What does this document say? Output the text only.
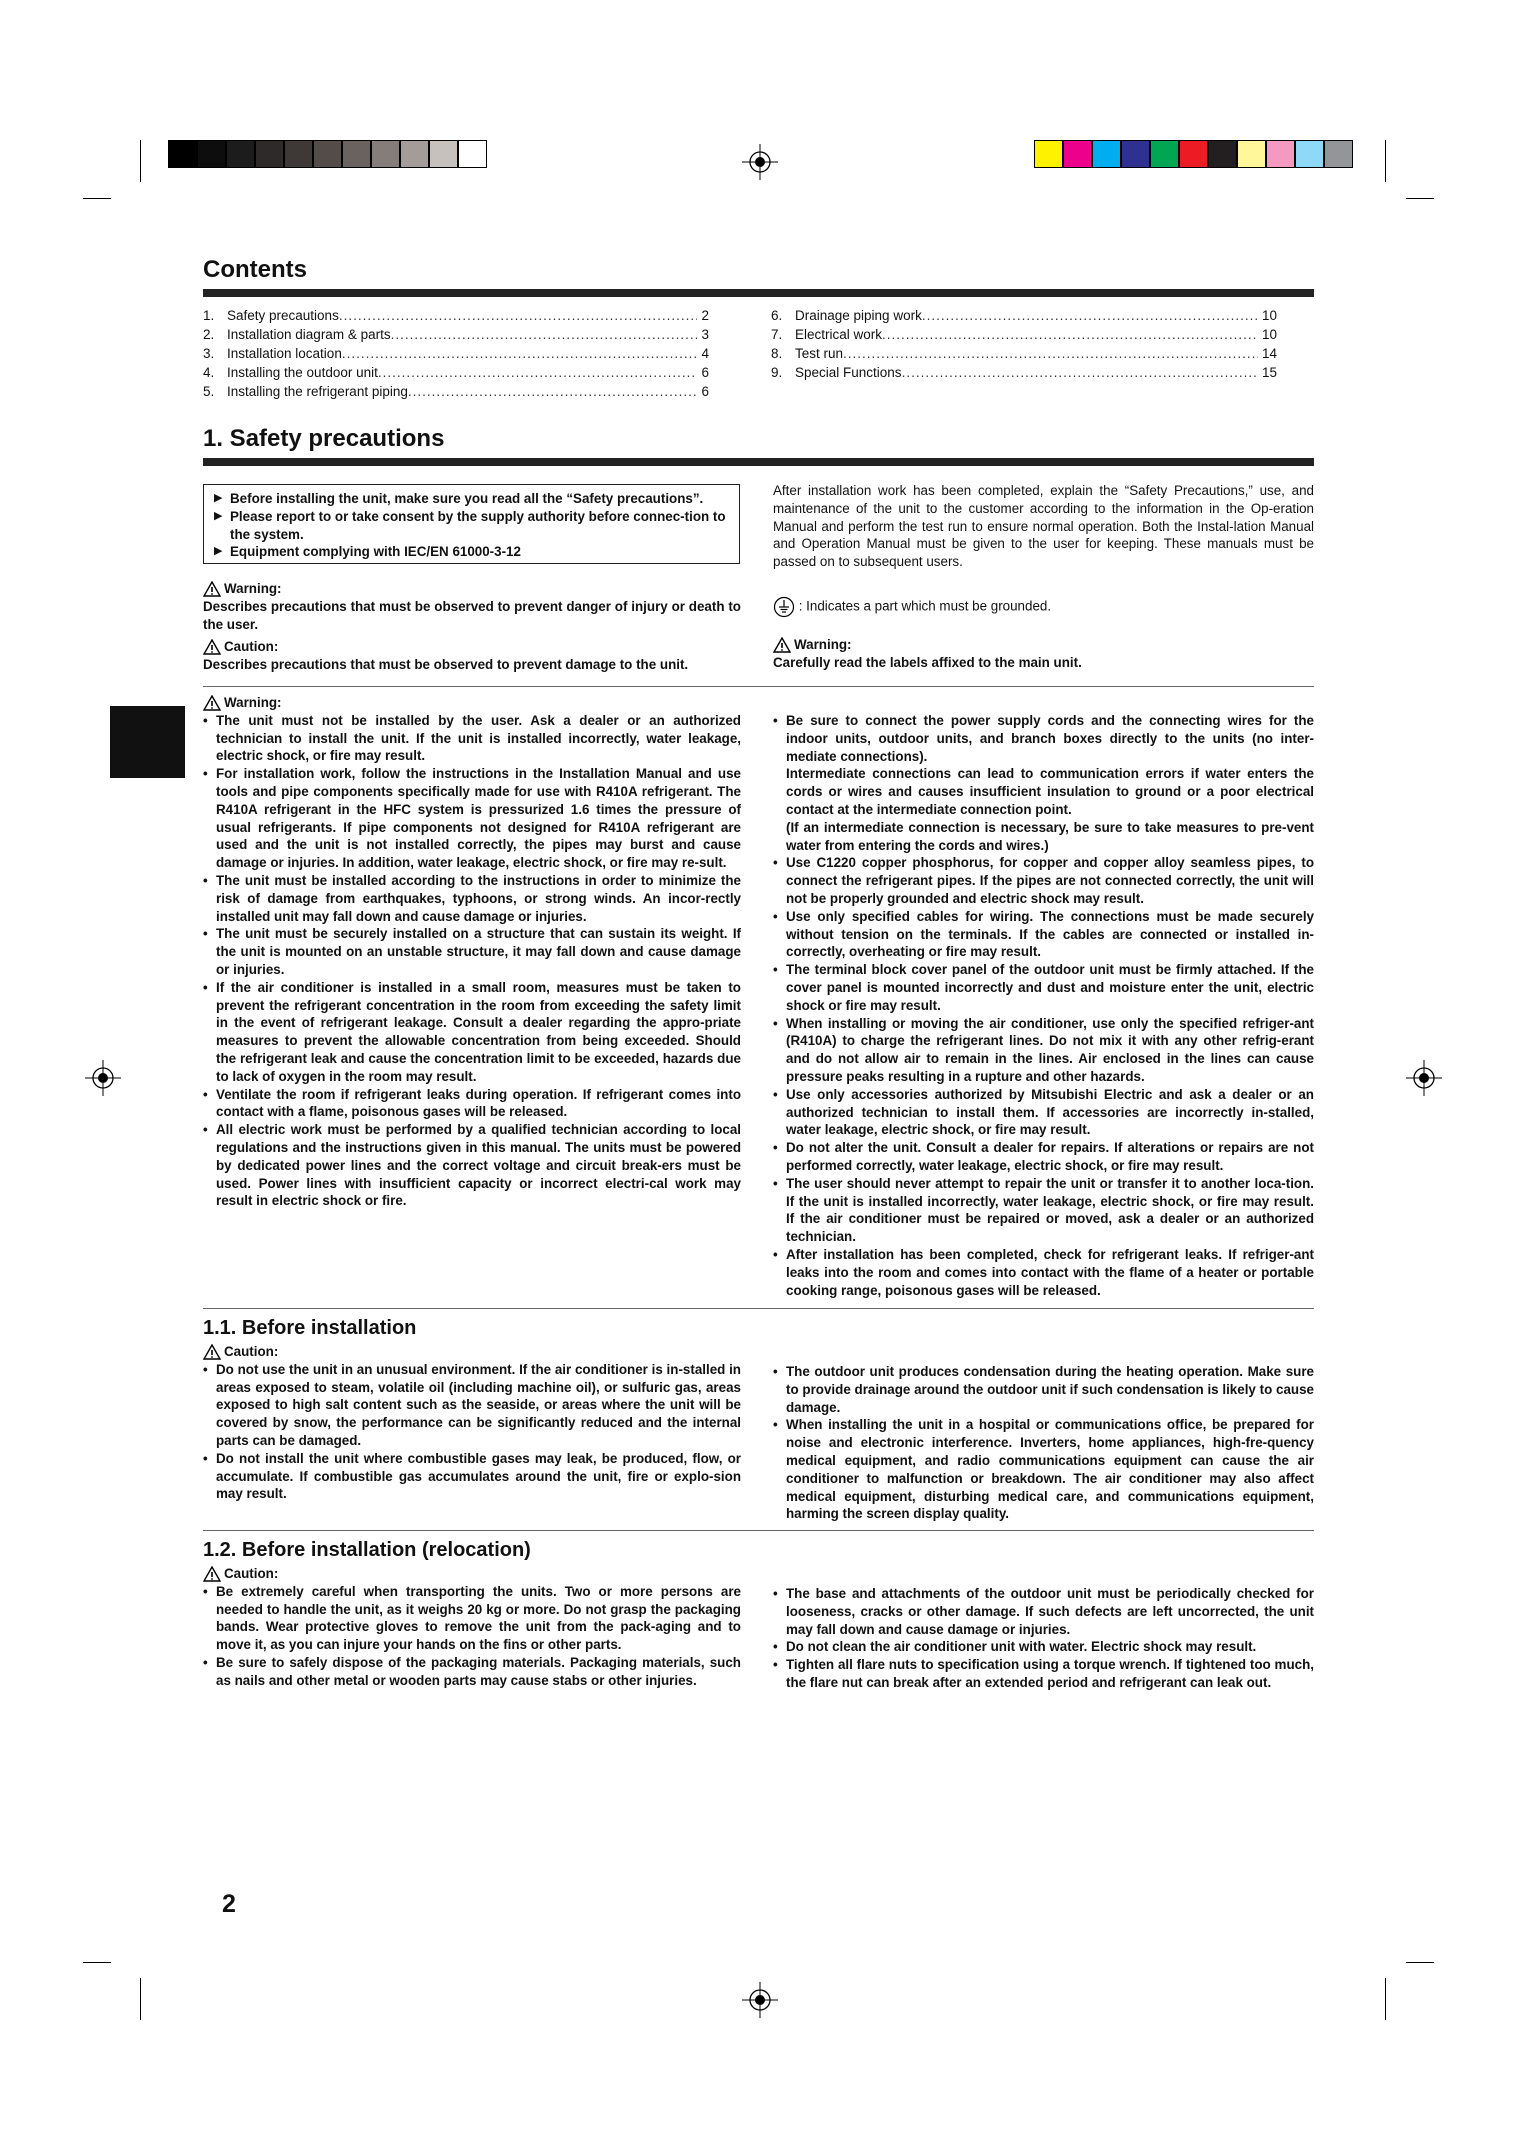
Contents
1. Safety precautions .....	2
2. Installation diagram & parts .....	3
3. Installation location .....	4
4. Installing the outdoor unit .....	6
5. Installing the refrigerant piping .....	6
6. Drainage piping work .....	10
7. Electrical work .....	10
8. Test run .....	14
9. Special Functions .....	15
1. Safety precautions
▶ Before installing the unit, make sure you read all the “Safety precautions”.
▶ Please report to or take consent by the supply authority before connec-tion to the system.
▶ Equipment complying with IEC/EN 61000-3-12
After installation work has been completed, explain the “Safety Precautions,” use, and maintenance of the unit to the customer according to the information in the Op-eration Manual and perform the test run to ensure normal operation. Both the Instal-lation Manual and Operation Manual must be given to the user for keeping. These manuals must be passed on to subsequent users.
Warning:
Describes precautions that must be observed to prevent danger of injury or death to the user.
: Indicates a part which must be grounded.
Caution:
Describes precautions that must be observed to prevent damage to the unit.
Warning:
Carefully read the labels affixed to the main unit.
Warning:
• The unit must not be installed by the user. Ask a dealer or an authorized technician to install the unit. If the unit is installed incorrectly, water leakage, electric shock, or fire may result.
• For installation work, follow the instructions in the Installation Manual and use tools and pipe components specifically made for use with R410A refrigerant. The R410A refrigerant in the HFC system is pressurized 1.6 times the pressure of usual refrigerants. If pipe components not designed for R410A refrigerant are used and the unit is not installed correctly, the pipes may burst and cause damage or injuries. In addition, water leakage, electric shock, or fire may re-sult.
• The unit must be installed according to the instructions in order to minimize the risk of damage from earthquakes, typhoons, or strong winds. An incor-rectly installed unit may fall down and cause damage or injuries.
• The unit must be securely installed on a structure that can sustain its weight. If the unit is mounted on an unstable structure, it may fall down and cause damage or injuries.
• If the air conditioner is installed in a small room, measures must be taken to prevent the refrigerant concentration in the room from exceeding the safety limit in the event of refrigerant leakage. Consult a dealer regarding the appro-priate measures to prevent the allowable concentration from being exceeded. Should the refrigerant leak and cause the concentration limit to be exceeded, hazards due to lack of oxygen in the room may result.
• Ventilate the room if refrigerant leaks during operation. If refrigerant comes into contact with a flame, poisonous gases will be released.
• All electric work must be performed by a qualified technician according to local regulations and the instructions given in this manual. The units must be powered by dedicated power lines and the correct voltage and circuit break-ers must be used. Power lines with insufficient capacity or incorrect electri-cal work may result in electric shock or fire.
• Be sure to connect the power supply cords and the connecting wires for the indoor units, outdoor units, and branch boxes directly to the units (no inter-mediate connections).
Intermediate connections can lead to communication errors if water enters the cords or wires and causes insufficient insulation to ground or a poor electrical contact at the intermediate connection point.
(If an intermediate connection is necessary, be sure to take measures to pre-vent water from entering the cords and wires.)
• Use C1220 copper phosphorus, for copper and copper alloy seamless pipes, to connect the refrigerant pipes. If the pipes are not connected correctly, the unit will not be properly grounded and electric shock may result.
• Use only specified cables for wiring. The connections must be made securely without tension on the terminals. If the cables are connected or installed in-correctly, overheating or fire may result.
• The terminal block cover panel of the outdoor unit must be firmly attached. If the cover panel is mounted incorrectly and dust and moisture enter the unit, electric shock or fire may result.
• When installing or moving the air conditioner, use only the specified refriger-ant (R410A) to charge the refrigerant lines. Do not mix it with any other refrig-erant and do not allow air to remain in the lines. Air enclosed in the lines can cause pressure peaks resulting in a rupture and other hazards.
• Use only accessories authorized by Mitsubishi Electric and ask a dealer or an authorized technician to install them. If accessories are incorrectly in-stalled, water leakage, electric shock, or fire may result.
• Do not alter the unit. Consult a dealer for repairs. If alterations or repairs are not performed correctly, water leakage, electric shock, or fire may result.
• The user should never attempt to repair the unit or transfer it to another loca-tion. If the unit is installed incorrectly, water leakage, electric shock, or fire may result. If the air conditioner must be repaired or moved, ask a dealer or an authorized technician.
• After installation has been completed, check for refrigerant leaks. If refriger-ant leaks into the room and comes into contact with the flame of a heater or portable cooking range, poisonous gases will be released.
1.1. Before installation
Caution:
• Do not use the unit in an unusual environment. If the air conditioner is in-stalled in areas exposed to steam, volatile oil (including machine oil), or sulfuric gas, areas exposed to high salt content such as the seaside, or areas where the unit will be covered by snow, the performance can be significantly reduced and the internal parts can be damaged.
• Do not install the unit where combustible gases may leak, be produced, flow, or accumulate. If combustible gas accumulates around the unit, fire or explo-sion may result.
• The outdoor unit produces condensation during the heating operation. Make sure to provide drainage around the outdoor unit if such condensation is likely to cause damage.
• When installing the unit in a hospital or communications office, be prepared for noise and electronic interference. Inverters, home appliances, high-fre-quency medical equipment, and radio communications equipment can cause the air conditioner to malfunction or breakdown. The air conditioner may also affect medical equipment, disturbing medical care, and communications equipment, harming the screen display quality.
1.2. Before installation (relocation)
Caution:
• Be extremely careful when transporting the units. Two or more persons are needed to handle the unit, as it weighs 20 kg or more. Do not grasp the packaging bands. Wear protective gloves to remove the unit from the pack-aging and to move it, as you can injure your hands on the fins or other parts.
• Be sure to safely dispose of the packaging materials. Packaging materials, such as nails and other metal or wooden parts may cause stabs or other injuries.
• The base and attachments of the outdoor unit must be periodically checked for looseness, cracks or other damage. If such defects are left uncorrected, the unit may fall down and cause damage or injuries.
• Do not clean the air conditioner unit with water. Electric shock may result.
• Tighten all flare nuts to specification using a torque wrench. If tightened too much, the flare nut can break after an extended period and refrigerant can leak out.
2
